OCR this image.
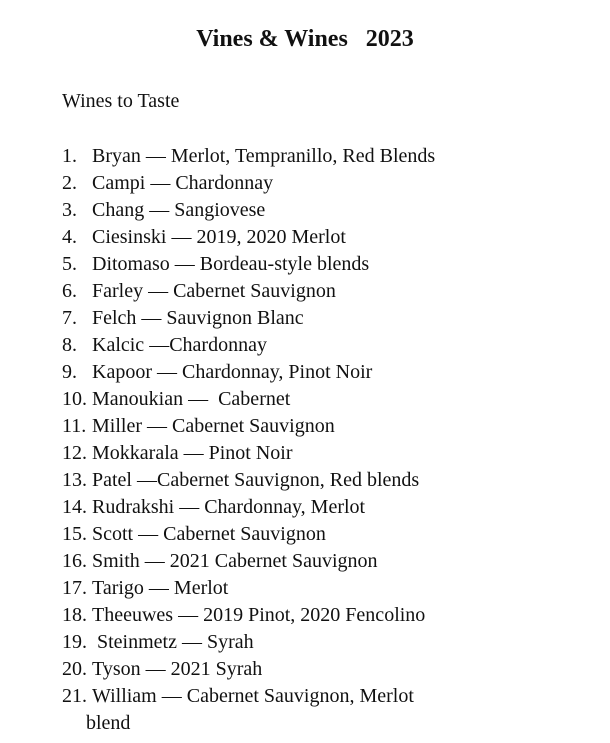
Vines & Wines   2023
Wines to Taste
1. Bryan — Merlot, Tempranillo, Red Blends
2. Campi — Chardonnay
3. Chang — Sangiovese
4. Ciesinski — 2019, 2020 Merlot
5. Ditomaso — Bordeau-style blends
6. Farley — Cabernet Sauvignon
7. Felch — Sauvignon Blanc
8. Kalcic —Chardonnay
9. Kapoor — Chardonnay, Pinot Noir
10. Manoukian —  Cabernet
11. Miller — Cabernet Sauvignon
12. Mokkarala — Pinot Noir
13. Patel —Cabernet Sauvignon, Red blends
14. Rudrakshi — Chardonnay, Merlot
15. Scott — Cabernet Sauvignon
16. Smith — 2021 Cabernet Sauvignon
17. Tarigo — Merlot
18. Theeuwes — 2019 Pinot, 2020 Fencolino
19. Steinmetz — Syrah
20. Tyson — 2021 Syrah
21. William — Cabernet Sauvignon, Merlot
blend
